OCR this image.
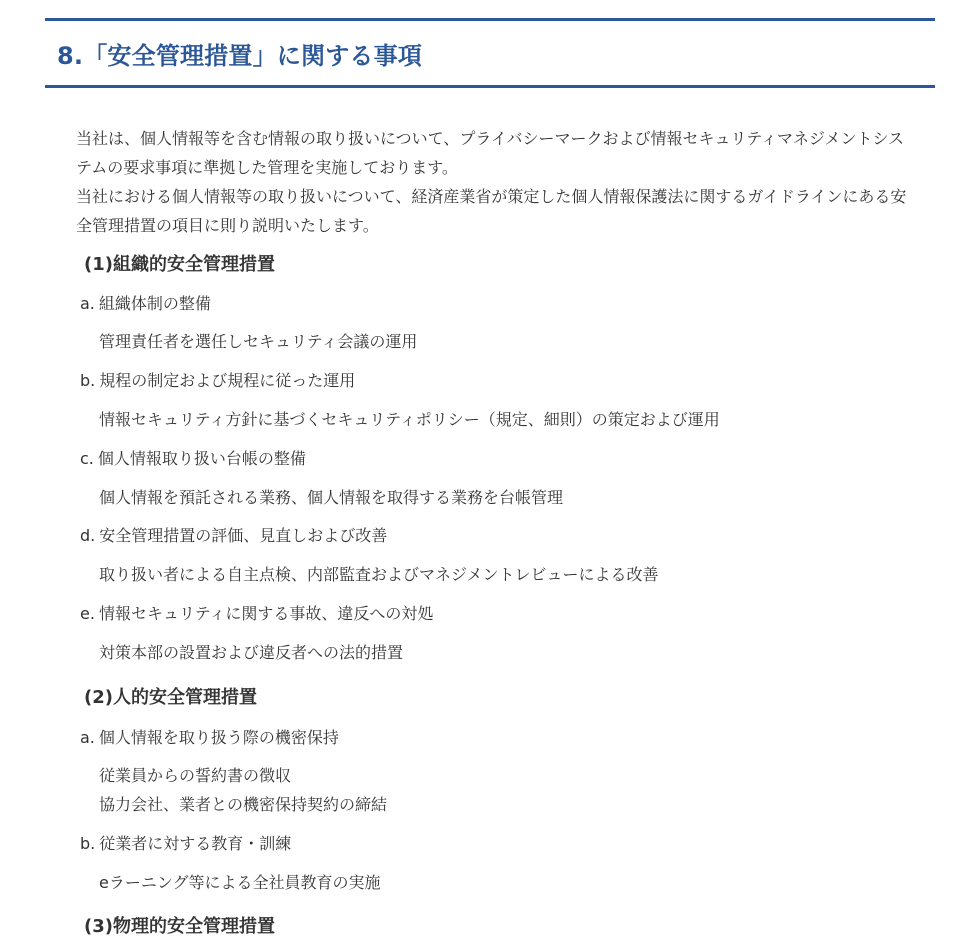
8.「安全管理措置」に関する事項

当社は、個人情報等を含む情報の取り扱いについて、プライバシーマークおよび情報セキュリティマネジメントシステムの要求事項に準拠した管理を実施しております。

当社における個人情報等の取り扱いについて、経済産業省が策定した個人情報保護法に関するガイドラインにある安全管理措置の項目に則り説明いたします。

(1)組織的安全管理措置
a. 組織体制の整備
管理責任者を選任しセキュリティ会議の運用
b. 規程の制定および規程に従った運用
情報セキュリティ方針に基づくセキュリティポリシー（規定、細則）の策定および運用
c. 個人情報取り扱い台帳の整備
個人情報を預託される業務、個人情報を取得する業務を台帳管理
d. 安全管理措置の評価、見直しおよび改善
取り扱い者による自主点検、内部監査およびマネジメントレビューによる改善
e. 情報セキュリティに関する事故、違反への対処
対策本部の設置および違反者への法的措置
(2)人的安全管理措置
a. 個人情報を取り扱う際の機密保持
従業員からの誓約書の徴収
協力会社、業者との機密保持契約の締結
b. 従業者に対する教育・訓練
eラーニング等による全社員教育の実施
(3)物理的安全管理措置
